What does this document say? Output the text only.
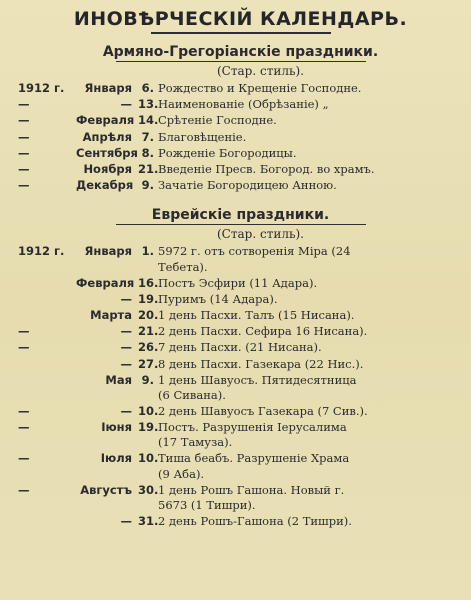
ИНОВѢРЧЕСКІЙ КАЛЕНДАРЬ.
Армяно-Грегоріанскіе праздники.
(Стар. стиль).
1912 г.	Января 6. Рождество и Крещеніе Господне.
—	— 13. Наименованіе (Обрѣзаніе) „
—	Февраля 14. Срѣтеніе Господне.
—	Апрѣля 7. Благовѣщеніе.
—	Сентября 8. Рожденіе Богородицы.
—	Ноября 21. Введеніе Пресв. Богород. во храмъ.
—	Декабря 9. Зачатіе Богородицею Анною.
Еврейскіе праздники.
(Стар. стиль).
1912 г.	Января 1. 5972 г. отъ сотворенія Міра (24
Тебета).
Февраля 16. Постъ Эсфири (11 Адара).
— 19. Пуримъ (14 Адара).
Марта 20. 1 день Пасхи. Талъ (15 Нисана).
—	— 21. 2 день Пасхи. Сефира 16 Нисана).
—	— 26. 7 день Пасхи. (21 Нисана).
— 27. 8 день Пасхи. Газекара (22 Нис.).
Мая 9. 1 день Шавуосъ. Пятидесятница
(6 Сивана).
—	— 10. 2 день Шавуосъ Газекара (7 Сив.).
—	Іюня 19. Постъ. Разрушенія Іерусалима
(17 Тамуза).
—	Іюля 10. Тиша беабъ. Разрушеніе Храма
(9 Аба).
—	Августъ 30. 1 день Рошъ Гашона. Новый г.
5673 (1 Тишри).
— 31. 2 день Рошъ-Гашона (2 Тишри).
